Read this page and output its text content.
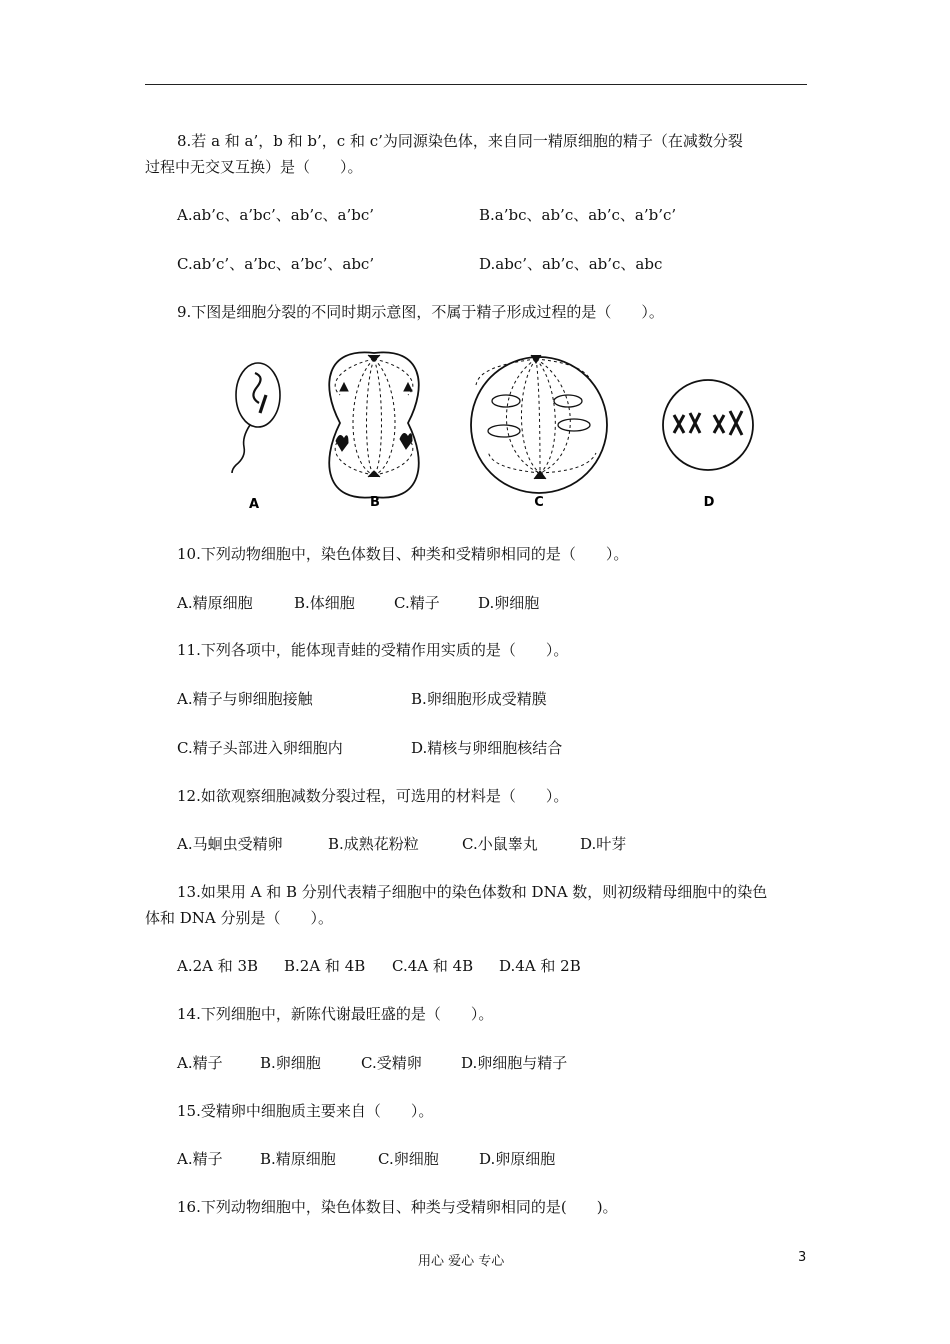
8.若 a 和 a’，b 和 b’，c 和 c’为同源染色体，来自同一精原细胞的精子（在减数分裂
过程中无交叉互换）是（　　）。
A.ab’c、a’bc’、ab’c、a’bc’	B.a’bc、ab’c、ab’c、a’b’c’
C.ab’c’、a’bc、a’bc’、abc’	D.abc’、ab’c、ab’c、abc
9.下图是细胞分裂的不同时期示意图，不属于精子形成过程的是（　　）。
A	B	C	D
10.下列动物细胞中，染色体数目、种类和受精卵相同的是（　　）。
A.精原细胞	B.体细胞	C.精子	D.卵细胞
11.下列各项中，能体现青蛙的受精作用实质的是（　　）。
A.精子与卵细胞接触	B.卵细胞形成受精膜
C.精子头部进入卵细胞内	D.精核与卵细胞核结合
12.如欲观察细胞减数分裂过程，可选用的材料是（　　）。
A.马蛔虫受精卵	B.成熟花粉粒	C.小鼠睾丸	D.叶芽
13.如果用 A 和 B 分别代表精子细胞中的染色体数和 DNA 数，则初级精母细胞中的染色
体和 DNA 分别是（　　）。
A.2A 和 3B B.2A 和 4B C.4A 和 4B D.4A 和 2B
14.下列细胞中，新陈代谢最旺盛的是（　　）。
A.精子 B.卵细胞	C.受精卵	D.卵细胞与精子
15.受精卵中细胞质主要来自（　　）。
A.精子 B.精原细胞	C.卵细胞	D.卵原细胞
16.下列动物细胞中，染色体数目、种类与受精卵相同的是(　　)。
用心 爱心 专心	3
